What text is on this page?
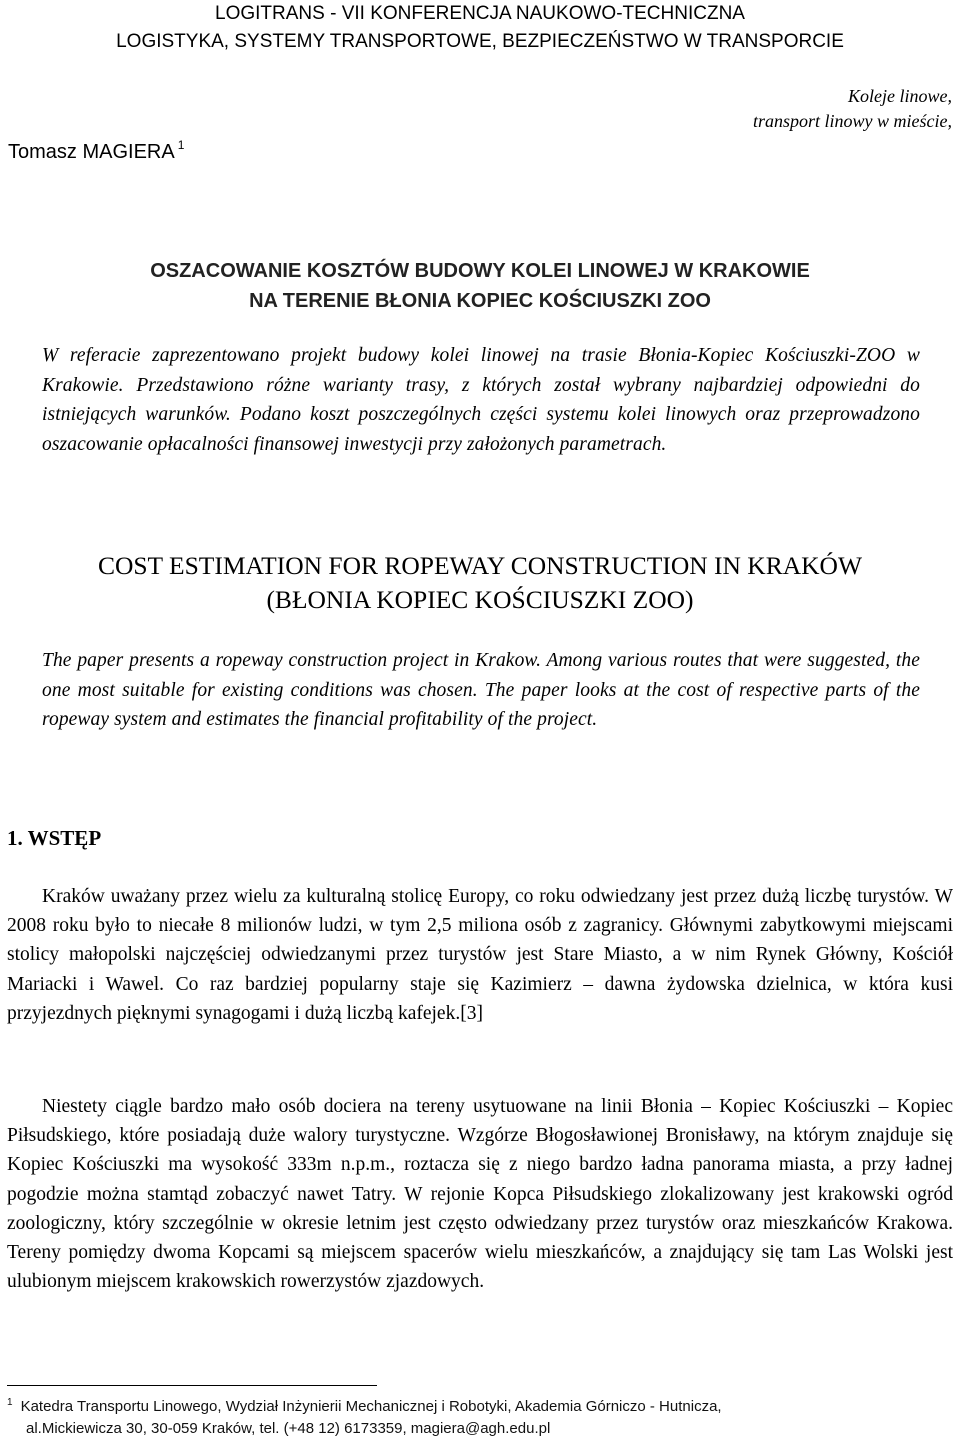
LOGITRANS - VII KONFERENCJA NAUKOWO-TECHNICZNA
LOGISTYKA, SYSTEMY TRANSPORTOWE, BEZPIECZEŃSTWO W TRANSPORCIE
Tomasz MAGIERA $^1$
Koleje linowe,
transport linowy w mieście,
OSZACOWANIE KOSZTÓW BUDOWY KOLEI LINOWEJ W KRAKOWIE
NA TERENIE BŁONIA KOPIEC KOŚCIUSZKI ZOO

W referacie zaprezentowano projekt budowy kolei linowej na trasie Błonia-Kopiec Kościuszki-ZOO w Krakowie. Przedstawiono różne warianty trasy, z których został wybrany najbardziej odpowiedni do istniejących warunków. Podano koszt poszczególnych części systemu kolei linowych oraz przeprowadzono oszacowanie opłacalności finansowej inwestycji przy założonych parametrach.

COST ESTIMATION FOR ROPEWAY CONSTRUCTION IN KRAKÓW
(BŁONIA KOPIEC KOŚCIUSZKI ZOO)

The paper presents a ropeway construction project in Krakow. Among various routes that were suggested, the one most suitable for existing conditions was chosen. The paper looks at the cost of respective parts of the ropeway system and estimates the financial profitability of the project.

1. WSTĘP

Kraków uważany przez wielu za kulturalną stolicę Europy, co roku odwiedzany jest przez dużą liczbę turystów. W 2008 roku było to niecałe 8 milionów ludzi, w tym 2,5 miliona osób z zagranicy. Głównymi zabytkowymi miejscami stolicy małopolski najczęściej odwiedzanymi przez turystów jest Stare Miasto, a w nim Rynek Główny, Kościół Mariacki i Wawel. Co raz bardziej popularny staje się Kazimierz – dawna żydowska dzielnica, w która kusi przyjezdnych pięknymi synagogami i dużą liczbą kafejek.[3]

Niestety ciągle bardzo mało osób dociera na tereny usytuowane na linii Błonia – Kopiec Kościuszki – Kopiec Piłsudskiego, które posiadają duże walory turystyczne. Wzgórze Błogosławionej Bronisławy, na którym znajduje się Kopiec Kościuszki ma wysokość 333m n.p.m., roztacza się z niego bardzo ładna panorama miasta, a przy ładnej pogodzie można stamtąd zobaczyć nawet Tatry. W rejonie Kopca Piłsudskiego zlokalizowany jest krakowski ogród zoologiczny, który szczególnie w okresie letnim jest często odwiedzany przez turystów oraz mieszkańców Krakowa. Tereny pomiędzy dwoma Kopcami są miejscem spacerów wielu mieszkańców, a znajdujący się tam Las Wolski jest ulubionym miejscem krakowskich rowerzystów zjazdowych.

$^1$ Katedra Transportu Linowego, Wydział Inżynierii Mechanicznej i Robotyki, Akademia Górniczo - Hutnicza,
al.Mickiewicza 30, 30-059 Kraków, tel. (+48 12) 6173359, magiera@agh.edu.pl
